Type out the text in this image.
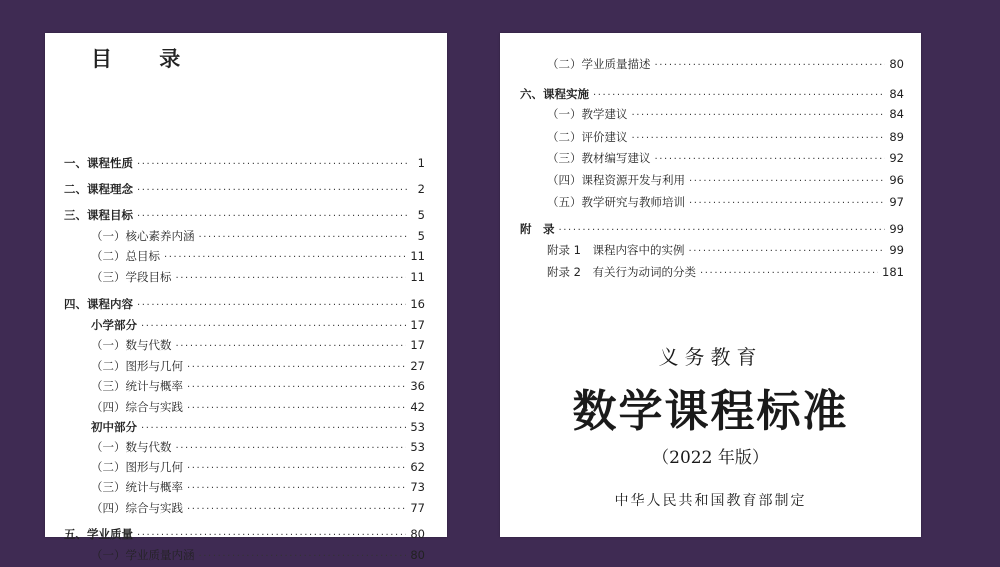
目 录
一、课程性质 ·····	1
二、课程理念 ·····	2
三、课程目标 ·····	5
（一）核心素养内涵 ·····	5
（二）总目标 ·····	11
（三）学段目标 ·····	11
四、课程内容 ·····	16
小学部分 ·····	17
（一）数与代数 ·····	17
（二）图形与几何 ·····	27
（三）统计与概率 ·····	36
（四）综合与实践 ·····	42
初中部分 ·····	53
（一）数与代数 ·····	53
（二）图形与几何 ·····	62
（三）统计与概率 ·····	73
（四）综合与实践 ·····	77
五、学业质量 ·····	80
（一）学业质量内涵 ·····	80
（二）学业质量描述 ·····	80
六、课程实施 ·····	84
（一）教学建议 ·····	84
（二）评价建议 ·····	89
（三）教材编写建议 ·····	92
（四）课程资源开发与利用 ·····	96
（五）教学研究与教师培训 ·····	97
附　录 ·····	99
附录 1　课程内容中的实例 ·····	99
附录 2　有关行为动词的分类 ·····	181
义务教育
数学课程标准
（2022 年版）
中华人民共和国教育部制定
